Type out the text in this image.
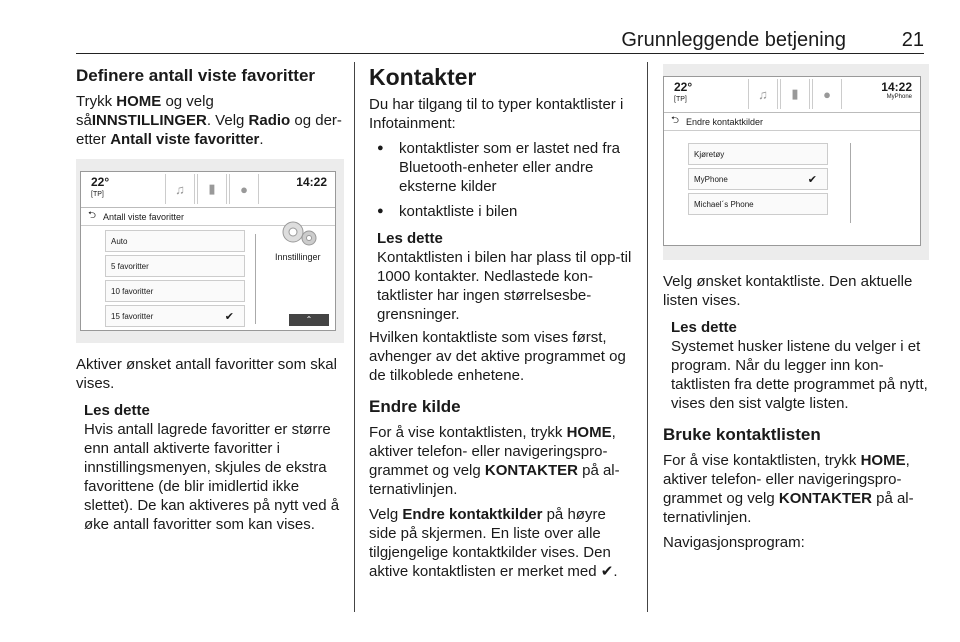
Grunnleggende betjening	21
Definere antall viste favoritter

Trykk HOME og velg såINNSTILLINGER. Velg Radio og der-etter Antall viste favoritter.

22°
[TP]	♫	▮	●	14:22
⮌ Antall viste favoritter
Auto
5 favoritter
10 favoritter
15 favoritter	✔
Innstillinger
⌃

Aktiver ønsket antall favoritter som skal vises.

Les dette

Hvis antall lagrede favoritter er større enn antall aktiverte favoritter i innstillingsmenyen, skjules de ekstra favorittene (de blir imidlertid ikke slettet). De kan aktiveres på nytt ved å øke antall favoritter som kan vises.

Kontakter

Du har tilgang til to typer kontaktlister i Infotainment:

● kontaktlister som er lastet ned fra Bluetooth-enheter eller andre eksterne kilder
● kontaktliste i bilen
Les dette

Kontaktlisten i bilen har plass til opp-til 1000 kontakter. Nedlastede kon-taktlister har ingen størrelsesbe-grensninger.

Hvilken kontaktliste som vises først, avhenger av det aktive programmet og de tilkoblede enhetene.

Endre kilde

For å vise kontaktlisten, trykk HOME, aktiver telefon- eller navigeringspro-grammet og velg KONTAKTER på al-ternativlinjen.

Velg Endre kontaktkilder på høyre side på skjermen. En liste over alle tilgjengelige kontaktkilder vises. Den aktive kontaktlisten er merket med ✔.

22°
[TP]	♫	▮	●	14:22
MyPhone
⮌ Endre kontaktkilder
Kjøretøy
MyPhone	✔
Michael´s Phone

Velg ønsket kontaktliste. Den aktuelle listen vises.

Les dette

Systemet husker listene du velger i et program. Når du legger inn kon-taktlisten fra dette programmet på nytt, vises den sist valgte listen.

Bruke kontaktlisten

For å vise kontaktlisten, trykk HOME, aktiver telefon- eller navigeringspro-grammet og velg KONTAKTER på al-ternativlinjen.

Navigasjonsprogram:
